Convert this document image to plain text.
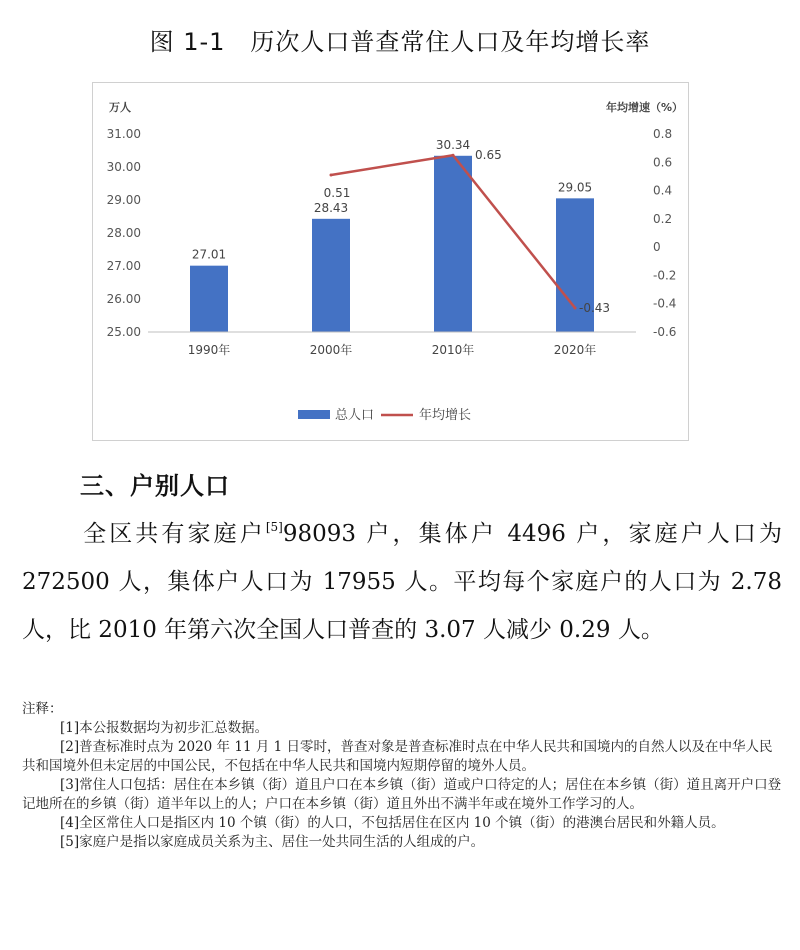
图 1-1　历次人口普查常住人口及年均增长率
万人	年均增速（%）
25.00
26.00
27.00
28.00
29.00
30.00
31.00
-0.6
-0.4
-0.2
0
0.2
0.4
0.6
0.8
27.01
28.43
30.34
29.05
1990年	2000年	2010年	2020年
0.51
0.65
-0.43
总人口	年均增长
三、户别人口
全区共有家庭户[5]98093 户，集体户 4496 户，家庭户人口为 272500 人，集体户人口为 17955 人。平均每个家庭户的人口为 2.78 人，比 2010 年第六次全国人口普查的 3.07 人减少 0.29 人。
注释：
[1]本公报数据均为初步汇总数据。
[2]普查标准时点为 2020 年 11 月 1 日零时，普查对象是普查标准时点在中华人民共和国境内的自然人以及在中华人民共和国境外但未定居的中国公民，不包括在中华人民共和国境内短期停留的境外人员。
[3]常住人口包括：居住在本乡镇（街）道且户口在本乡镇（街）道或户口待定的人；居住在本乡镇（街）道且离开户口登记地所在的乡镇（街）道半年以上的人；户口在本乡镇（街）道且外出不满半年或在境外工作学习的人。
[4]全区常住人口是指区内 10 个镇（街）的人口，不包括居住在区内 10 个镇（街）的港澳台居民和外籍人员。
[5]家庭户是指以家庭成员关系为主、居住一处共同生活的人组成的户。
